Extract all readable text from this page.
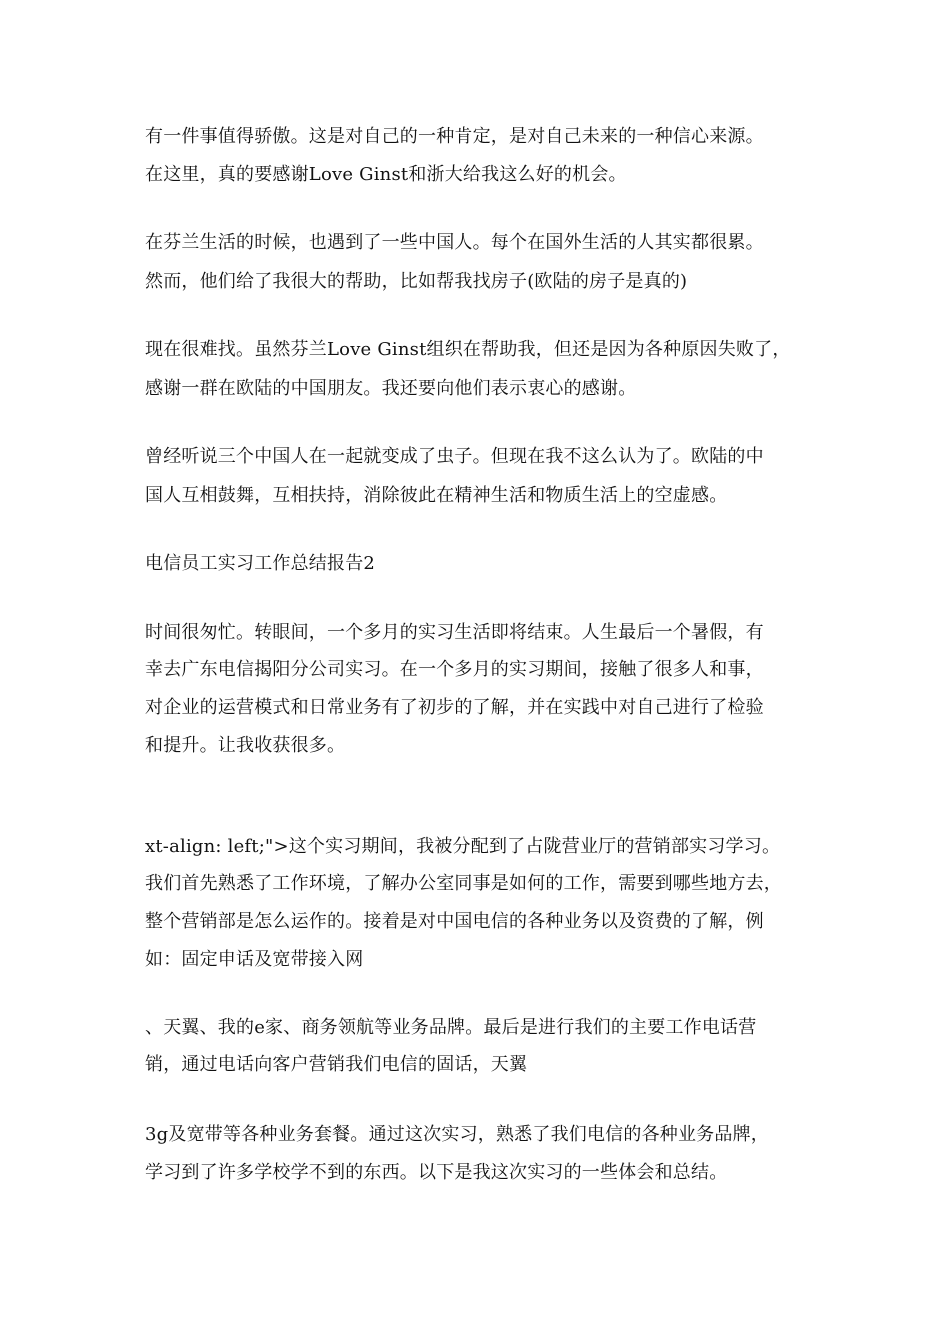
有一件事值得骄傲。这是对自己的一种肯定，是对自己未来的一种信心来源。
在这里，真的要感谢Love Ginst和浙大给我这么好的机会。
在芬兰生活的时候，也遇到了一些中国人。每个在国外生活的人其实都很累。
然而，他们给了我很大的帮助，比如帮我找房子(欧陆的房子是真的)
现在很难找。虽然芬兰Love Ginst组织在帮助我，但还是因为各种原因失败了，
感谢一群在欧陆的中国朋友。我还要向他们表示衷心的感谢。
曾经听说三个中国人在一起就变成了虫子。但现在我不这么认为了。欧陆的中
国人互相鼓舞，互相扶持，消除彼此在精神生活和物质生活上的空虚感。
电信员工实习工作总结报告2
时间很匆忙。转眼间，一个多月的实习生活即将结束。人生最后一个暑假，有
幸去广东电信揭阳分公司实习。在一个多月的实习期间，接触了很多人和事，
对企业的运营模式和日常业务有了初步的了解，并在实践中对自己进行了检验
和提升。让我收获很多。
xt-align: left;">这个实习期间，我被分配到了占陇营业厅的营销部实习学习。
我们首先熟悉了工作环境，了解办公室同事是如何的工作，需要到哪些地方去，
整个营销部是怎么运作的。接着是对中国电信的各种业务以及资费的了解，例
如：固定申话及宽带接入网
、天翼、我的e家、商务领航等业务品牌。最后是进行我们的主要工作电话营
销，通过电话向客户营销我们电信的固话，天翼
3g及宽带等各种业务套餐。通过这次实习，熟悉了我们电信的各种业务品牌，
学习到了许多学校学不到的东西。以下是我这次实习的一些体会和总结。
